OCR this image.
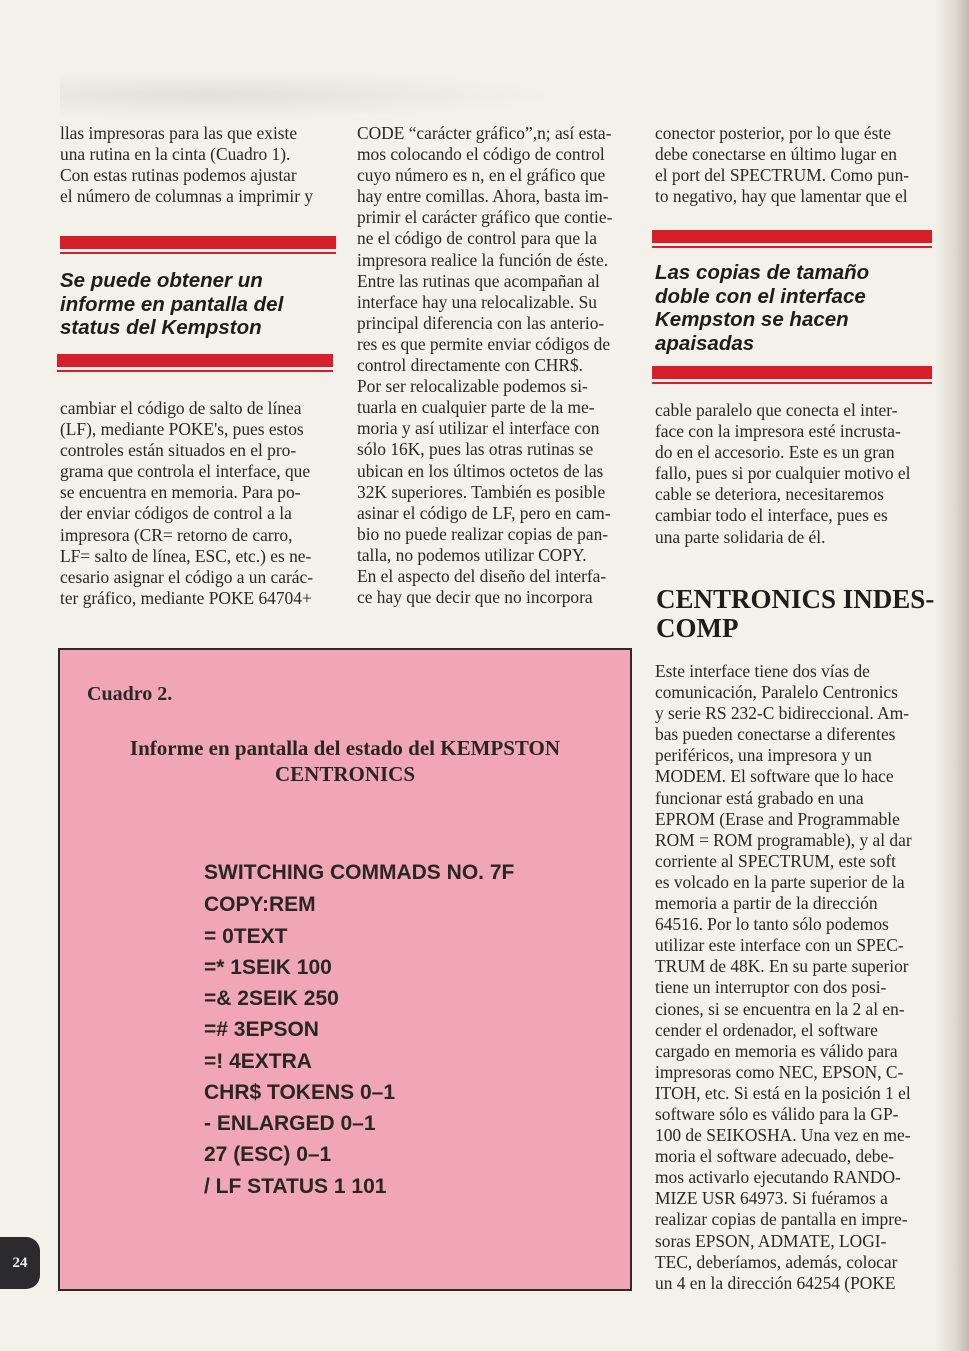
llas impresoras para las que existe

una rutina en la cinta (Cuadro 1).

Con estas rutinas podemos ajustar

el número de columnas a imprimir y

Se puede obtener un
informe en pantalla del
status del Kempston

cambiar el código de salto de línea

(LF), mediante POKE's, pues estos

controles están situados en el pro-

grama que controla el interface, que

se encuentra en memoria. Para po-

der enviar códigos de control a la

impresora (CR= retorno de carro,

LF= salto de línea, ESC, etc.) es ne-

cesario asignar el código a un carác-

ter gráfico, mediante POKE 64704+

CODE “carácter gráfico”,n; así esta-

mos colocando el código de control

cuyo número es n, en el gráfico que

hay entre comillas. Ahora, basta im-

primir el carácter gráfico que contie-

ne el código de control para que la

impresora realice la función de éste.

Entre las rutinas que acompañan al

interface hay una relocalizable. Su

principal diferencia con las anterio-

res es que permite enviar códigos de

control directamente con CHR$.

Por ser relocalizable podemos si-

tuarla en cualquier parte de la me-

moria y así utilizar el interface con

sólo 16K, pues las otras rutinas se

ubican en los últimos octetos de las

32K superiores. También es posible

asinar el código de LF, pero en cam-

bio no puede realizar copias de pan-

talla, no podemos utilizar COPY.

En el aspecto del diseño del interfa-

ce hay que decir que no incorpora

conector posterior, por lo que éste

debe conectarse en último lugar en

el port del SPECTRUM. Como pun-

to negativo, hay que lamentar que el

Las copias de tamaño
doble con el interface
Kempston se hacen
apaisadas

cable paralelo que conecta el inter-

face con la impresora esté incrusta-

do en el accesorio. Este es un gran

fallo, pues si por cualquier motivo el

cable se deteriora, necesitaremos

cambiar todo el interface, pues es

una parte solidaria de él.

CENTRONICS INDES-
COMP

Este interface tiene dos vías de

comunicación, Paralelo Centronics

y serie RS 232-C bidireccional. Am-

bas pueden conectarse a diferentes

periféricos, una impresora y un

MODEM. El software que lo hace

funcionar está grabado en una

EPROM (Erase and Programmable

ROM = ROM programable), y al dar

corriente al SPECTRUM, este soft

es volcado en la parte superior de la

memoria a partir de la dirección

64516. Por lo tanto sólo podemos

utilizar este interface con un SPEC-

TRUM de 48K. En su parte superior

tiene un interruptor con dos posi-

ciones, si se encuentra en la 2 al en-

cender el ordenador, el software

cargado en memoria es válido para

impresoras como NEC, EPSON, C-

ITOH, etc. Si está en la posición 1 el

software sólo es válido para la GP-

100 de SEIKOSHA. Una vez en me-

moria el software adecuado, debe-

mos activarlo ejecutando RANDO-

MIZE USR 64973. Si fuéramos a

realizar copias de pantalla en impre-

soras EPSON, ADMATE, LOGI-

TEC, deberíamos, además, colocar

un 4 en la dirección 64254 (POKE

Cuadro 2.
Informe en pantalla del estado del KEMPSTON
CENTRONICS
SWITCHING COMMADS NO. 7F
COPY:REM
= 0TEXT
=* 1SEIK 100
=& 2SEIK 250
=# 3EPSON
=! 4EXTRA
CHR$ TOKENS 0–1
- ENLARGED 0–1
27 (ESC) 0–1
/ LF STATUS 1 101
24
